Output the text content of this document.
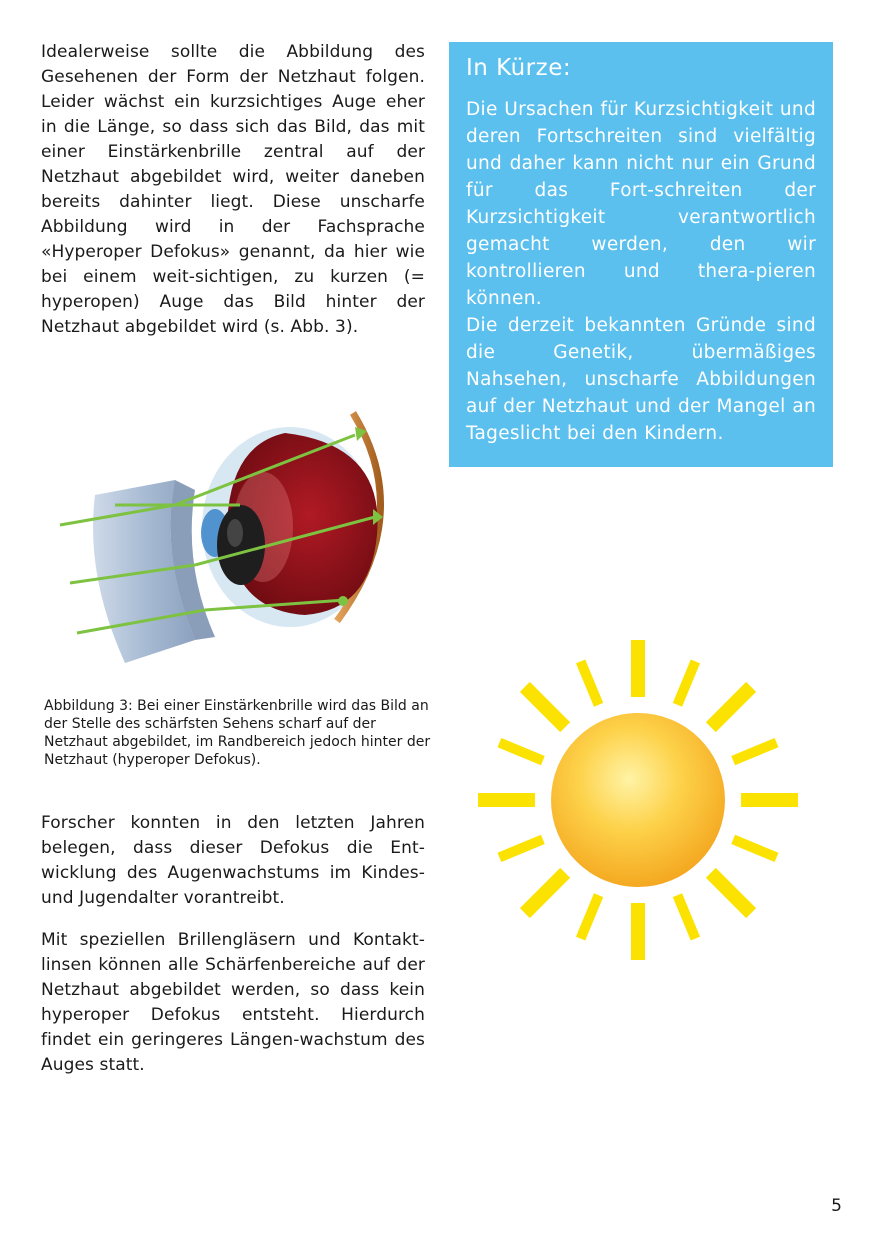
Idealerweise sollte die Abbildung des Gesehenen der Form der Netzhaut folgen. Leider wächst ein kurzsichtiges Auge eher in die Länge, so dass sich das Bild, das mit einer Einstärkenbrille zentral auf der Netzhaut abgebildet wird, weiter daneben bereits dahinter liegt. Diese unscharfe Abbildung wird in der Fachsprache «Hyperoper Defokus» genannt, da hier wie bei einem weit-sichtigen, zu kurzen (= hyperopen) Auge das Bild hinter der Netzhaut abgebildet wird (s. Abb. 3).

In Kürze:

Die Ursachen für Kurzsichtigkeit und deren Fortschreiten sind vielfältig und daher kann nicht nur ein Grund für das Fort-schreiten der Kurzsichtigkeit verantwortlich gemacht werden, den wir kontrollieren und thera-pieren können.

Die derzeit bekannten Gründe sind die Genetik, übermäßiges Nahsehen, unscharfe Abbildungen auf der Netzhaut und der Mangel an Tageslicht bei den Kindern.

Abbildung 3: Bei einer Einstärkenbrille wird das Bild an der Stelle des schärfsten Sehens scharf auf der Netzhaut abgebildet, im Randbereich jedoch hinter der Netzhaut (hyperoper Defokus).

Forscher konnten in den letzten Jahren belegen, dass dieser Defokus die Ent-wicklung des Augenwachstums im Kindes- und Jugendalter vorantreibt.

Mit speziellen Brillengläsern und Kontakt-linsen können alle Schärfenbereiche auf der Netzhaut abgebildet werden, so dass kein hyperoper Defokus entsteht. Hierdurch findet ein geringeres Längen-wachstum des Auges statt.

5
